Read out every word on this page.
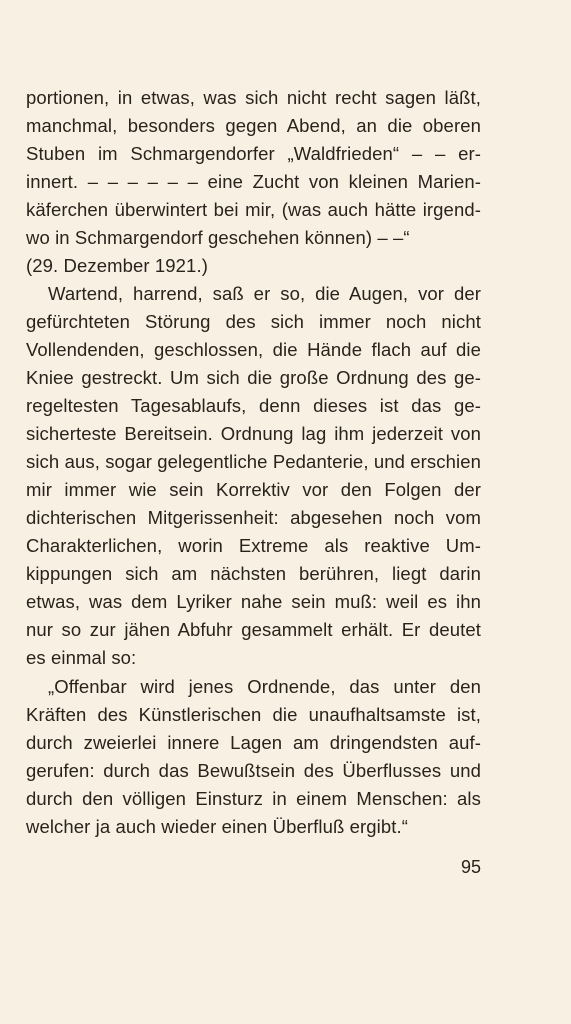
portionen, in etwas, was sich nicht recht sagen läßt,
manchmal, besonders gegen Abend, an die oberen
Stuben im Schmargendorfer „Waldfrieden“ – – er-
innert. – – – – – – eine Zucht von kleinen Marien-
käferchen überwintert bei mir, (was auch hätte irgend-
wo in Schmargendorf geschehen können) – –“
(29. Dezember 1921.)
Wartend, harrend, saß er so, die Augen, vor der
gefürchteten Störung des sich immer noch nicht
Vollendenden, geschlossen, die Hände flach auf die
Kniee gestreckt. Um sich die große Ordnung des ge-
regeltesten Tagesablaufs, denn dieses ist das ge-
sicherteste Bereitsein. Ordnung lag ihm jederzeit von
sich aus, sogar gelegentliche Pedanterie, und erschien
mir immer wie sein Korrektiv vor den Folgen der
dichterischen Mitgerissenheit: abgesehen noch vom
Charakterlichen, worin Extreme als reaktive Um-
kippungen sich am nächsten berühren, liegt darin
etwas, was dem Lyriker nahe sein muß: weil es ihn
nur so zur jähen Abfuhr gesammelt erhält. Er deutet
es einmal so:
„Offenbar wird jenes Ordnende, das unter den
Kräften des Künstlerischen die unaufhaltsamste ist,
durch zweierlei innere Lagen am dringendsten auf-
gerufen: durch das Bewußtsein des Überflusses und
durch den völligen Einsturz in einem Menschen: als
welcher ja auch wieder einen Überfluß ergibt.“
95
